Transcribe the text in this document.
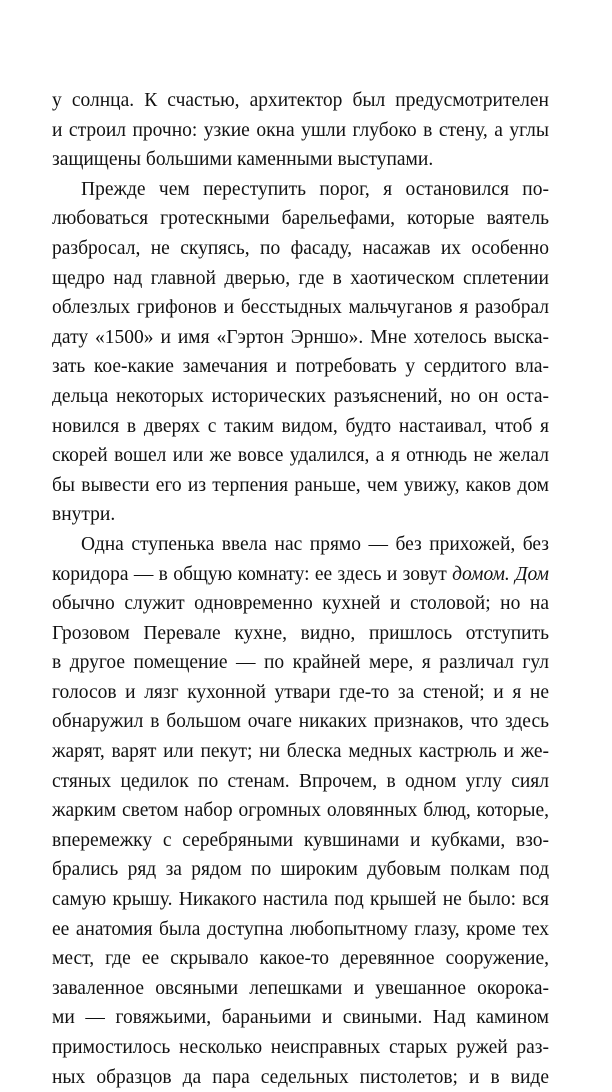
у солнца. К счастью, архитектор был предусмотрителен
и строил прочно: узкие окна ушли глубоко в стену, а углы
защищены большими каменными выступами.
Прежде чем переступить порог, я остановился по-
любоваться гротескными барельефами, которые ваятель
разбросал, не скупясь, по фасаду, насажав их особенно
щедро над главной дверью, где в хаотическом сплетении
облезлых грифонов и бесстыдных мальчуганов я разобрал
дату «1500» и имя «Гэртон Эрншо». Мне хотелось выска-
зать кое-какие замечания и потребовать у сердитого вла-
дельца некоторых исторических разъяснений, но он оста-
новился в дверях с таким видом, будто настаивал, чтоб я
скорей вошел или же вовсе удалился, а я отнюдь не желал
бы вывести его из терпения раньше, чем увижу, каков дом
внутри.
Одна ступенька ввела нас прямо — без прихожей, без
коридора — в общую комнату: ее здесь и зовут домом. Дом
обычно служит одновременно кухней и столовой; но на
Грозовом Перевале кухне, видно, пришлось отступить
в другое помещение — по крайней мере, я различал гул
голосов и лязг кухонной утвари где-то за стеной; и я не
обнаружил в большом очаге никаких признаков, что здесь
жарят, варят или пекут; ни блеска медных кастрюль и же-
стяных цедилок по стенам. Впрочем, в одном углу сиял
жарким светом набор огромных оловянных блюд, которые,
вперемежку с серебряными кувшинами и кубками, взо-
брались ряд за рядом по широким дубовым полкам под
самую крышу. Никакого настила под крышей не было: вся
ее анатомия была доступна любопытному глазу, кроме тех
мест, где ее скрывало какое-то деревянное сооружение,
заваленное овсяными лепешками и увешанное окорока-
ми — говяжьими, бараньими и свиными. Над камином
примостилось несколько неисправных старых ружей раз-
ных образцов да пара седельных пистолетов; и в виде
